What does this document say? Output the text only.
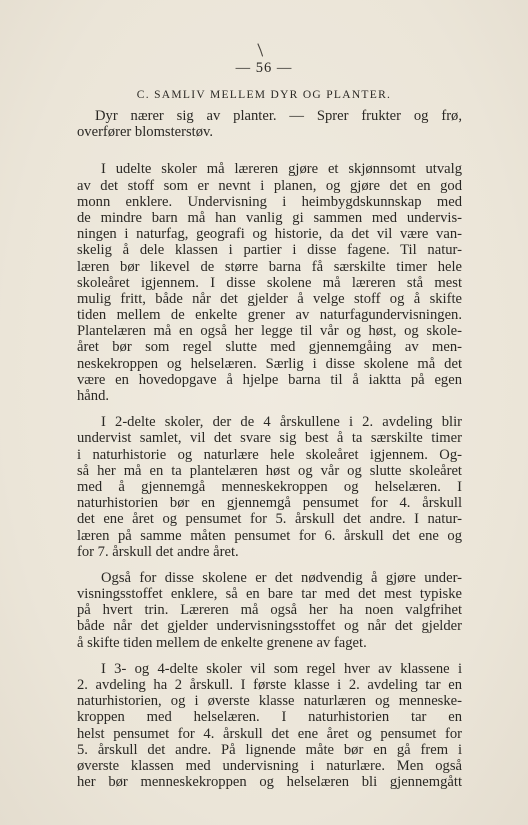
— 56 —
C. SAMLIV MELLEM DYR OG PLANTER.
Dyr nærer sig av planter. — Sprer frukter og frø,
overfører blomsterstøv.
I udelte skoler må læreren gjøre et skjønnsomt utvalg
av det stoff som er nevnt i planen, og gjøre det en god
monn enklere. Undervisning i heimbygdskunnskap med
de mindre barn må han vanlig gi sammen med undervis-
ningen i naturfag, geografi og historie, da det vil være van-
skelig å dele klassen i partier i disse fagene. Til natur-
læren bør likevel de større barna få særskilte timer hele
skoleåret igjennem. I disse skolene må læreren stå mest
mulig fritt, både når det gjelder å velge stoff og å skifte
tiden mellem de enkelte grener av naturfagundervisningen.
Plantelæren må en også her legge til vår og høst, og skole-
året bør som regel slutte med gjennemgåing av men-
neskekroppen og helselæren. Særlig i disse skolene må det
være en hovedopgave å hjelpe barna til å iaktta på egen
hånd.
I 2-delte skoler, der de 4 årskullene i 2. avdeling blir
undervist samlet, vil det svare sig best å ta særskilte timer
i naturhistorie og naturlære hele skoleåret igjennem. Og-
så her må en ta plantelæren høst og vår og slutte skoleåret
med å gjennemgå menneskekroppen og helselæren. I
naturhistorien bør en gjennemgå pensumet for 4. årskull
det ene året og pensumet for 5. årskull det andre. I natur-
læren på samme måten pensumet for 6. årskull det ene og
for 7. årskull det andre året.
Også for disse skolene er det nødvendig å gjøre under-
visningsstoffet enklere, så en bare tar med det mest typiske
på hvert trin. Læreren må også her ha noen valgfrihet
både når det gjelder undervisningsstoffet og når det gjelder
å skifte tiden mellem de enkelte grenene av faget.
I 3- og 4-delte skoler vil som regel hver av klassene i
2. avdeling ha 2 årskull. I første klasse i 2. avdeling tar en
naturhistorien, og i øverste klasse naturlæren og menneske-
kroppen med helselæren. I naturhistorien tar en
helst pensumet for 4. årskull det ene året og pensumet for
5. årskull det andre. På lignende måte bør en gå frem i
øverste klassen med undervisning i naturlære. Men også
her bør menneskekroppen og helselæren bli gjennemgått
